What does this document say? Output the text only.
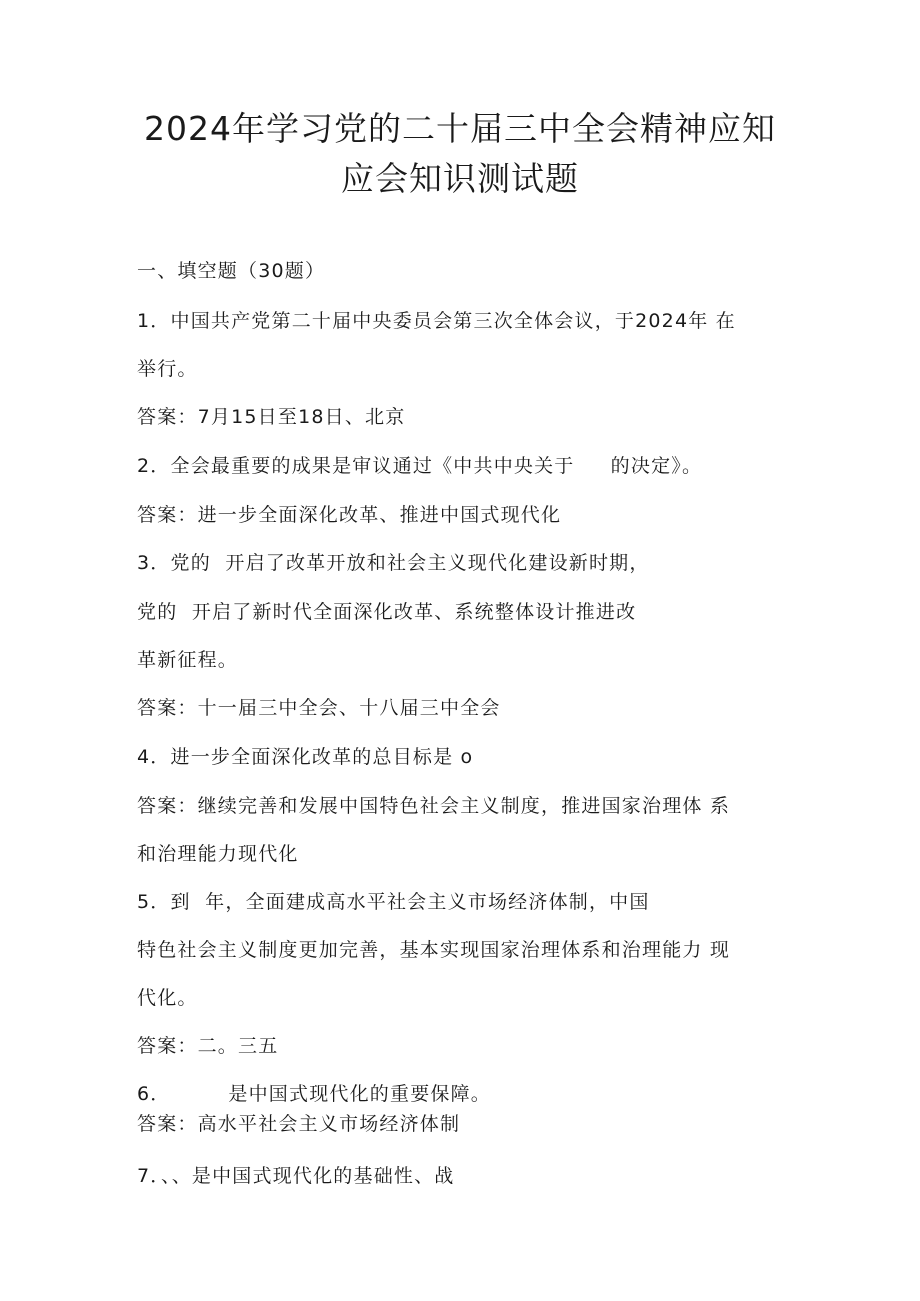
2024年学习党的二十届三中全会精神应知
应会知识测试题
一、填空题（30题）
1．中国共产党第二十届中央委员会第三次全体会议，于2024年 在
举行。
答案：7月15日至18日、北京
2．全会最重要的成果是审议通过《中共中央关于     的决定》。
答案：进一步全面深化改革、推进中国式现代化
3．党的  开启了改革开放和社会主义现代化建设新时期，
党的  开启了新时代全面深化改革、系统整体设计推进改
革新征程。
答案：十一届三中全会、十八届三中全会
4．进一步全面深化改革的总目标是 o
答案：继续完善和发展中国特色社会主义制度，推进国家治理体 系
和治理能力现代化
5．到  年，全面建成高水平社会主义市场经济体制，中国
特色社会主义制度更加完善，基本实现国家治理体系和治理能力 现
代化。
答案：二。三五
6．        是中国式现代化的重要保障。
答案：高水平社会主义市场经济体制
7．、、是中国式现代化的基础性、战
